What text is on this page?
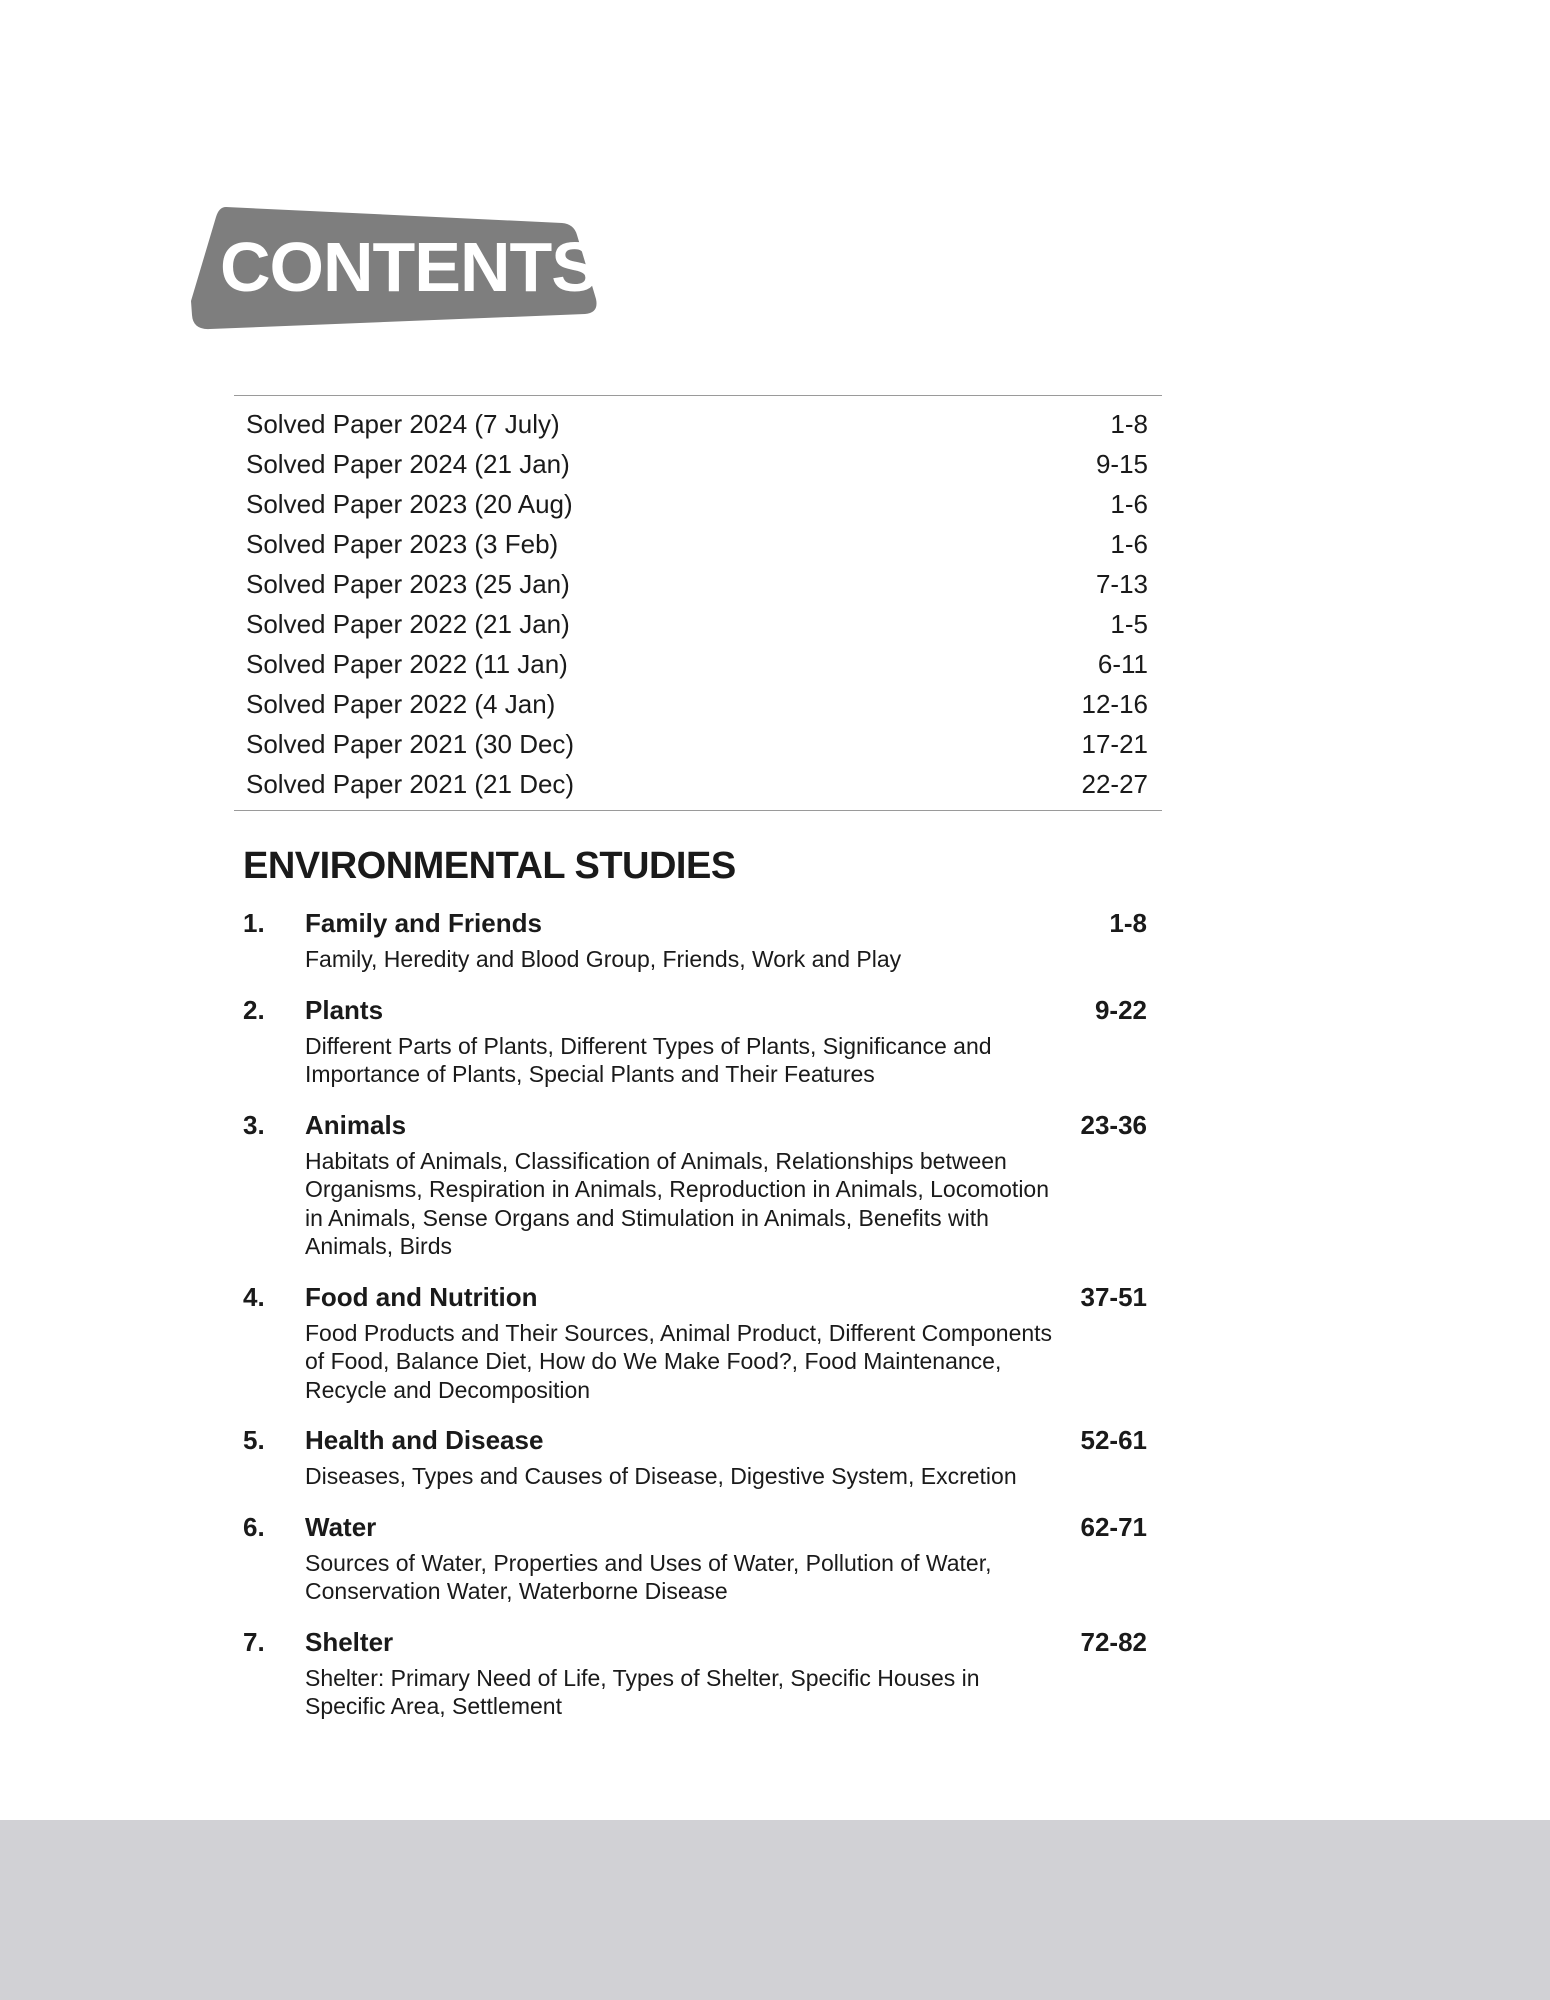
CONTENTS
Solved Paper 2024 (7 July)	1-8
Solved Paper 2024 (21 Jan)	9-15
Solved Paper 2023 (20 Aug)	1-6
Solved Paper 2023 (3 Feb)	1-6
Solved Paper 2023 (25 Jan)	7-13
Solved Paper 2022 (21 Jan)	1-5
Solved Paper 2022 (11 Jan)	6-11
Solved Paper 2022 (4 Jan)	12-16
Solved Paper 2021 (30 Dec)	17-21
Solved Paper 2021 (21 Dec)	22-27
ENVIRONMENTAL STUDIES
1.	Family and Friends	1-8
Family, Heredity and Blood Group, Friends, Work and Play
2.	Plants	9-22
Different Parts of Plants, Different Types of Plants, Significance and Importance of Plants, Special Plants and Their Features
3.	Animals	23-36
Habitats of Animals, Classification of Animals, Relationships between Organisms, Respiration in Animals, Reproduction in Animals, Locomotion in Animals, Sense Organs and Stimulation in Animals, Benefits with Animals, Birds
4.	Food and Nutrition	37-51
Food Products and Their Sources, Animal Product, Different Components of Food, Balance Diet, How do We Make Food?, Food Maintenance, Recycle and Decomposition
5.	Health and Disease	52-61
Diseases, Types and Causes of Disease, Digestive System, Excretion
6.	Water	62-71
Sources of Water, Properties and Uses of Water, Pollution of Water, Conservation Water, Waterborne Disease
7.	Shelter	72-82
Shelter: Primary Need of Life, Types of Shelter, Specific Houses in Specific Area, Settlement
